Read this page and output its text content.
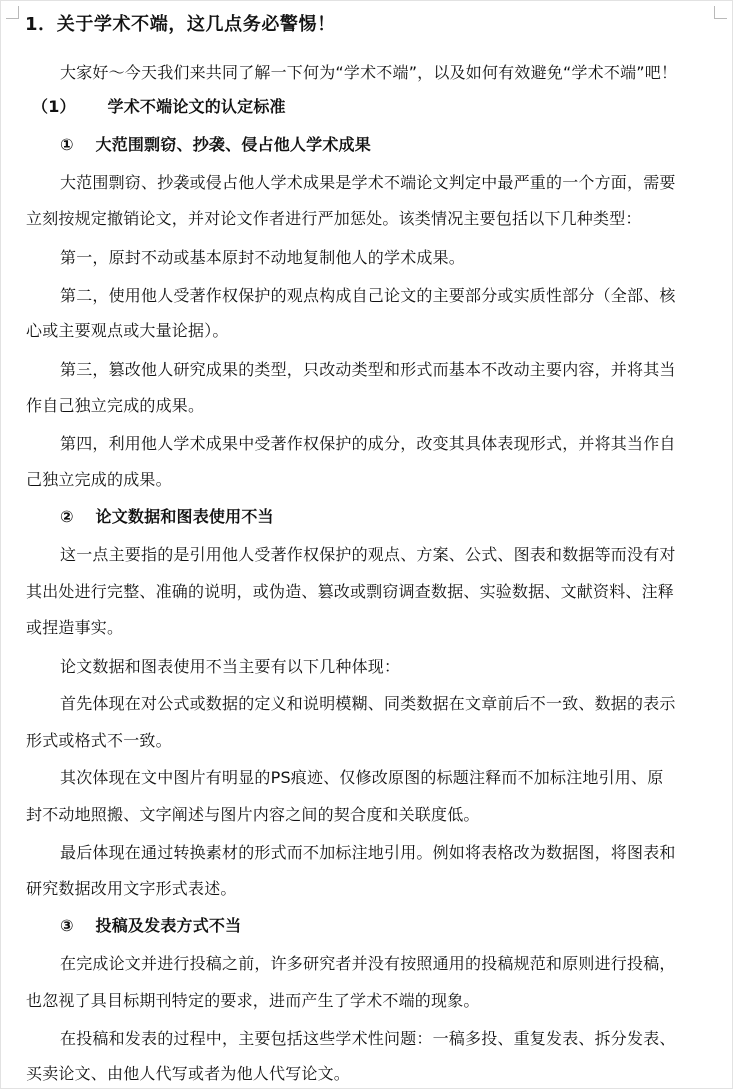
1．关于学术不端，这几点务必警惕！
大家好～今天我们来共同了解一下何为“学术不端”，以及如何有效避免“学术不端”吧！
（1） 学术不端论文的认定标准
① 大范围剽窃、抄袭、侵占他人学术成果
大范围剽窃、抄袭或侵占他人学术成果是学术不端论文判定中最严重的一个方面，需要
立刻按规定撤销论文，并对论文作者进行严加惩处。该类情况主要包括以下几种类型：
第一，原封不动或基本原封不动地复制他人的学术成果。
第二，使用他人受著作权保护的观点构成自己论文的主要部分或实质性部分（全部、核
心或主要观点或大量论据）。
第三，篡改他人研究成果的类型，只改动类型和形式而基本不改动主要内容，并将其当
作自己独立完成的成果。
第四，利用他人学术成果中受著作权保护的成分，改变其具体表现形式，并将其当作自
己独立完成的成果。
② 论文数据和图表使用不当
这一点主要指的是引用他人受著作权保护的观点、方案、公式、图表和数据等而没有对
其出处进行完整、准确的说明，或伪造、篡改或剽窃调查数据、实验数据、文献资料、注释
或捏造事实。
论文数据和图表使用不当主要有以下几种体现：
首先体现在对公式或数据的定义和说明模糊、同类数据在文章前后不一致、数据的表示
形式或格式不一致。
其次体现在文中图片有明显的PS痕迹、仅修改原图的标题注释而不加标注地引用、原
封不动地照搬、文字阐述与图片内容之间的契合度和关联度低。
最后体现在通过转换素材的形式而不加标注地引用。例如将表格改为数据图，将图表和
研究数据改用文字形式表述。
③ 投稿及发表方式不当
在完成论文并进行投稿之前，许多研究者并没有按照通用的投稿规范和原则进行投稿，
也忽视了具目标期刊特定的要求，进而产生了学术不端的现象。
在投稿和发表的过程中，主要包括这些学术性问题：一稿多投、重复发表、拆分发表、
买卖论文、由他人代写或者为他人代写论文。
